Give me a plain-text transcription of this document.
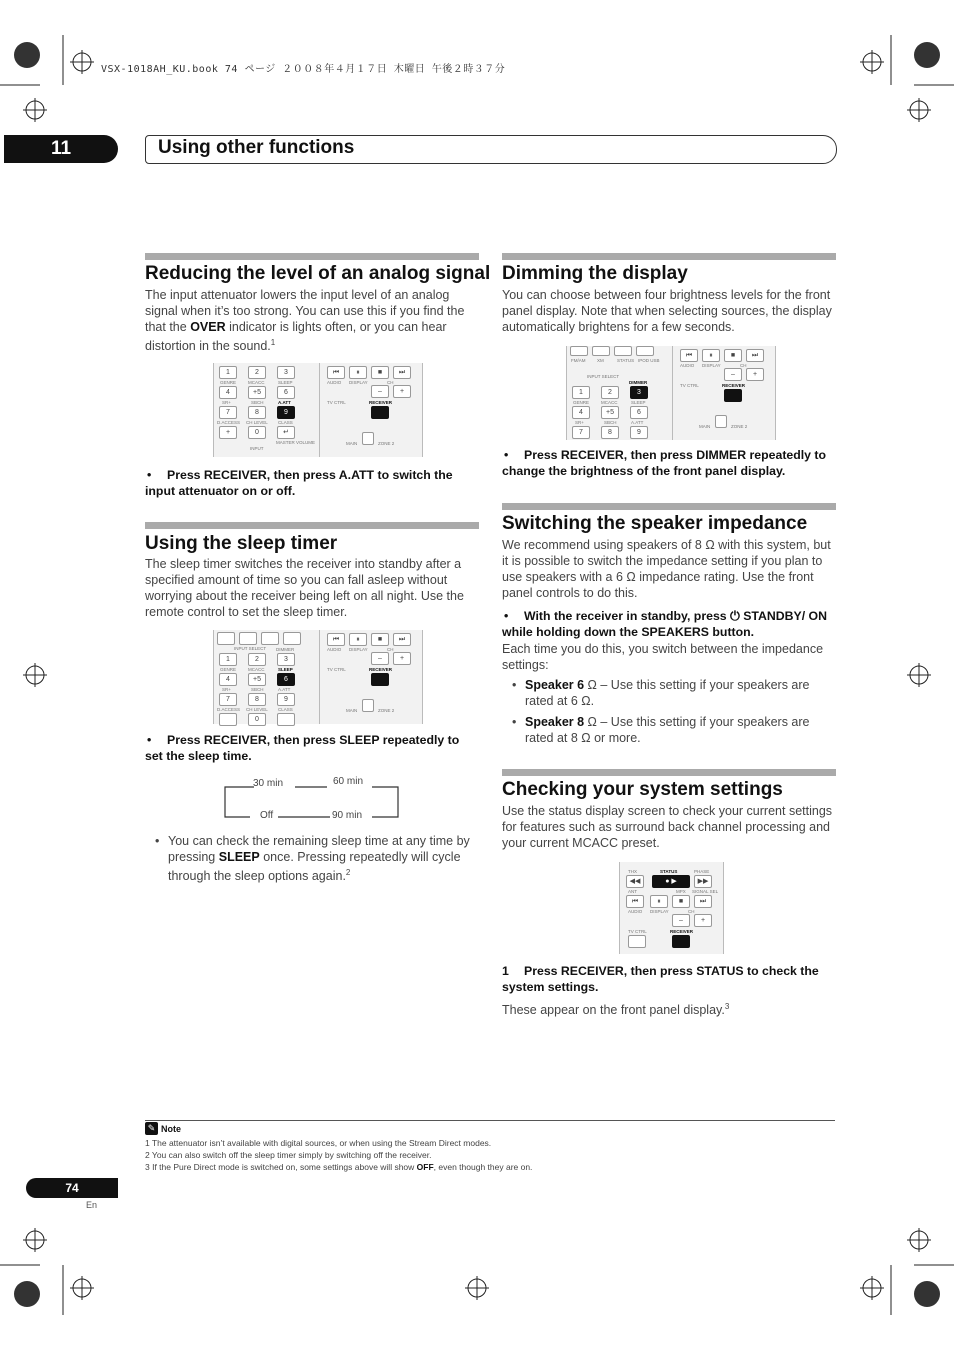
VSX-1018AH_KU.book 74 ページ ２００８年４月１７日 木曜日 午後２時３７分
11	Using other functions
Reducing the level of an analog signal
The input attenuator lowers the input level of an analog signal when it’s too strong. You can use this if you find the that the OVER indicator is lights often, or you can hear distortion in the sound.$^1$
1	2	3
GENRE	MCACC	SLEEP
4	+5	6
SR+	SBCH	A.ATT
7	8	9
D.ACCESS CH LEVEL CLASS
+	0	↵
INPUT
MASTER VOLUME
⏮	⏸	■	⏭
AUDIO DISPLAY	CH
–	+
TV CTRL	RECEIVER
MAIN	ZONE 2
• Press RECEIVER, then press A.ATT to switch the input attenuator on or off.
Using the sleep timer
The sleep timer switches the receiver into standby after a specified amount of time so you can fall asleep without worrying about the receiver being left on all night. Use the remote control to set the sleep timer.
INPUT SELECT DIMMER
1	2	3
GENRE	MCACC	SLEEP
4	+5	6
SR+	SBCH	A.ATT
7	8	9
D.ACCESS CH LEVEL CLASS
0
⏮	⏸	■	⏭
AUDIO DISPLAY	CH
–	+
TV CTRL	RECEIVER
MAIN	ZONE 2
• Press RECEIVER, then press SLEEP repeatedly to set the sleep time.
30 min	60 min
Off	90 min
• You can check the remaining sleep time at any time by pressing SLEEP once. Pressing repeatedly will cycle through the sleep options again.$^2$
Dimming the display
You can choose between four brightness levels for the front panel display. Note that when selecting sources, the display automatically brightens for a few seconds.
FM/AM	XM	STATUS IPOD USB
INPUT SELECT
DIMMER
1	2	3
GENRE	MCACC	SLEEP
4	+5	6
SR+	SBCH	A.ATT
7	8	9
⏮	⏸	■	⏭
AUDIO DISPLAY	CH
–	+
TV CTRL	RECEIVER
MAIN	ZONE 2
• Press RECEIVER, then press DIMMER repeatedly to change the brightness of the front panel display.
Switching the speaker impedance
We recommend using speakers of 8 Ω with this system, but it is possible to switch the impedance setting if you plan to use speakers with a 6 Ω impedance rating. Use the front panel controls to do this.
• With the receiver in standby, press ⏻ STANDBY/ ON while holding down the SPEAKERS button.
Each time you do this, you switch between the impedance settings:
• Speaker 6 Ω – Use this setting if your speakers are rated at 6 Ω.
• Speaker 8 Ω – Use this setting if your speakers are rated at 8 Ω or more.
Checking your system settings
Use the status display screen to check your current settings for features such as surround back channel processing and your current MCACC preset.
THX	STATUS	PHASE
◀◀	● ▶	▶▶
ANT	MPX SIGNAL SEL
⏮	⏸	■	⏭
AUDIO DISPLAY	CH
–	+
TV CTRL	RECEIVER
1 Press RECEIVER, then press STATUS to check the system settings.
These appear on the front panel display.$^3$
✎ Note
1 The attenuator isn’t available with digital sources, or when using the Stream Direct modes.
2 You can also switch off the sleep timer simply by switching off the receiver.
3 If the Pure Direct mode is switched on, some settings above will show OFF, even though they are on.
74
En
